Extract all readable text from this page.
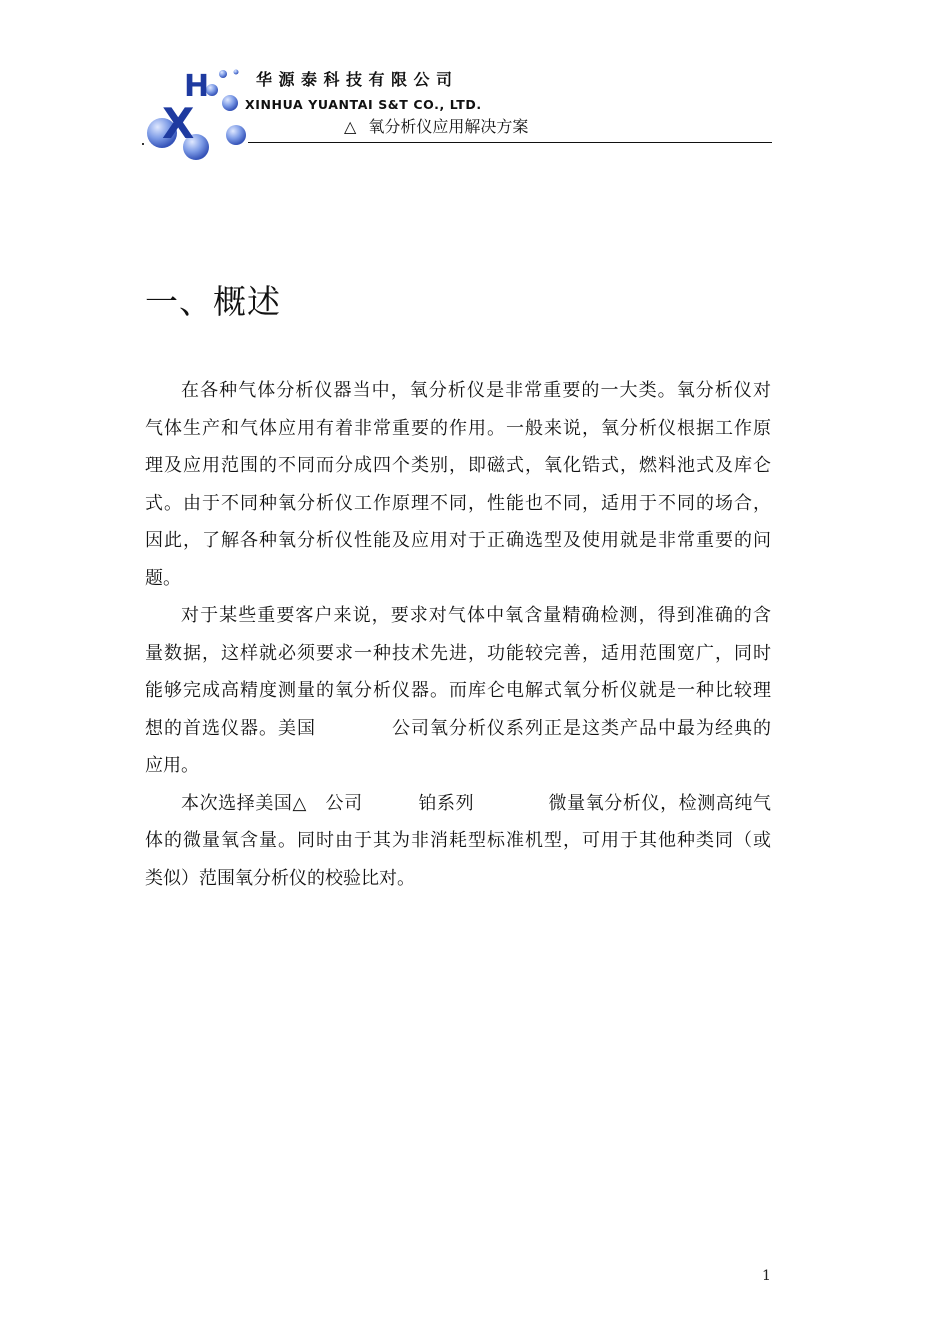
H
X
华源泰科技有限公司
XINHUA YUANTAI S&T CO., LTD.
△ 氧分析仪应用解决方案
一、概述

在各种气体分析仪器当中，氧分析仪是非常重要的一大类。氧分析仪对
气体生产和气体应用有着非常重要的作用。一般来说，氧分析仪根据工作原
理及应用范围的不同而分成四个类别，即磁式，氧化锆式，燃料池式及库仑
式。由于不同种氧分析仪工作原理不同，性能也不同，适用于不同的场合，
因此，了解各种氧分析仪性能及应用对于正确选型及使用就是非常重要的问
题。

对于某些重要客户来说，要求对气体中氧含量精确检测，得到准确的含
量数据，这样就必须要求一种技术先进，功能较完善，适用范围宽广，同时
能够完成高精度测量的氧分析仪器。而库仑电解式氧分析仪就是一种比较理
想的首选仪器。美国　　　　公司氧分析仪系列正是这类产品中最为经典的
应用。

本次选择美国△　公司　　　铂系列　　　　微量氧分析仪，检测高纯气
体的微量氧含量。同时由于其为非消耗型标准机型，可用于其他种类同（或
类似）范围氧分析仪的校验比对。

1
